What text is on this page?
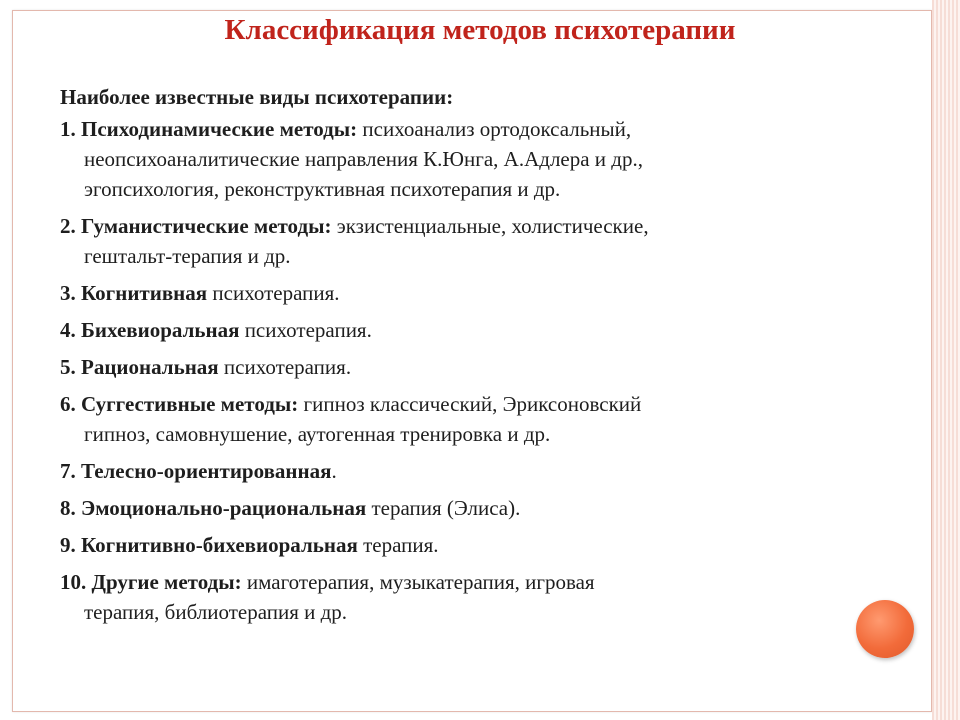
Классификация методов психотерапии
Наиболее известные виды психотерапии:
1. Психодинамические методы: психоанализ ортодоксальный,
неопсихоаналитические направления К.Юнга, А.Адлера и др.,
эгопсихология, реконструктивная психотерапия и др.
2. Гуманистические методы: экзистенциальные, холистические,
гештальт-терапия и др.
3. Когнитивная психотерапия.
4. Бихевиоральная психотерапия.
5. Рациональная психотерапия.
6. Суггестивные методы: гипноз классический, Эриксоновский
гипноз, самовнушение, аутогенная тренировка и др.
7. Телесно-ориентированная.
8. Эмоционально-рациональная терапия (Элиса).
9. Когнитивно-бихевиоральная терапия.
10. Другие методы: имаготерапия, музыкатерапия, игровая
терапия, библиотерапия и др.
